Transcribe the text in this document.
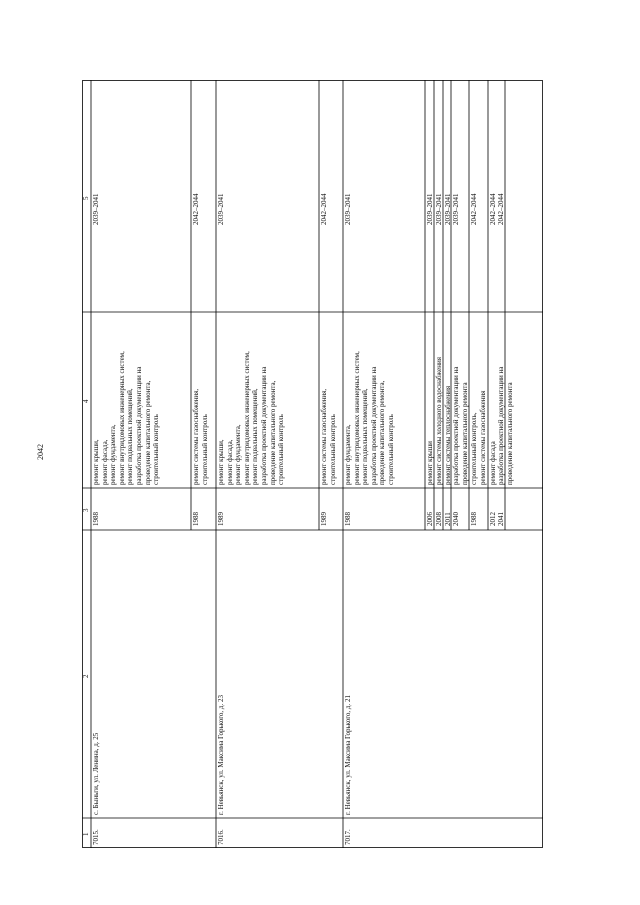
2042
1
2
3
4
5
7015.
с. Быньги, ул. Ленина, д. 25
1988
ремонт крыши, ремонт фасада, ремонт фундамента, ремонт внутридомовых инженерных систем, ремонт подвальных помещений, разработка проектной документации на проведение капитального ремонта, строительный контроль
2039–2041
1988
ремонт системы газоснабжения, строительный контроль
2042–2044
7016.
г. Невьянск, ул. Максима Горького, д. 23
1989
ремонт крыши, ремонт фасада, ремонт фундамента, ремонт внутридомовых инженерных систем, ремонт подвальных помещений, разработка проектной документации на проведение капитального ремонта, строительный контроль
2039–2041
1989
ремонт системы газоснабжения, строительный контроль
2042–2044
7017.
г. Невьянск, ул. Максима Горького, д. 21
1988
ремонт фундамента, ремонт внутридомовых инженерных систем, ремонт подвальных помещений, разработка проектной документации на проведение капитального ремонта, строительный контроль
2039–2041
2006
ремонт крыши
2039–2041
2008
ремонт системы холодного водоснабжения
2039–2041
2011
ремонт системы теплоснабжения
2039–2041
2040
разработка проектной документации на проведение капитального ремонта
2039–2041
1988
строительный контроль, ремонт системы газоснабжения
2042–2044
2012
ремонт фасада
2042–2044
2041
разработка проектной документации на проведение капитального ремонта
2042–2044
